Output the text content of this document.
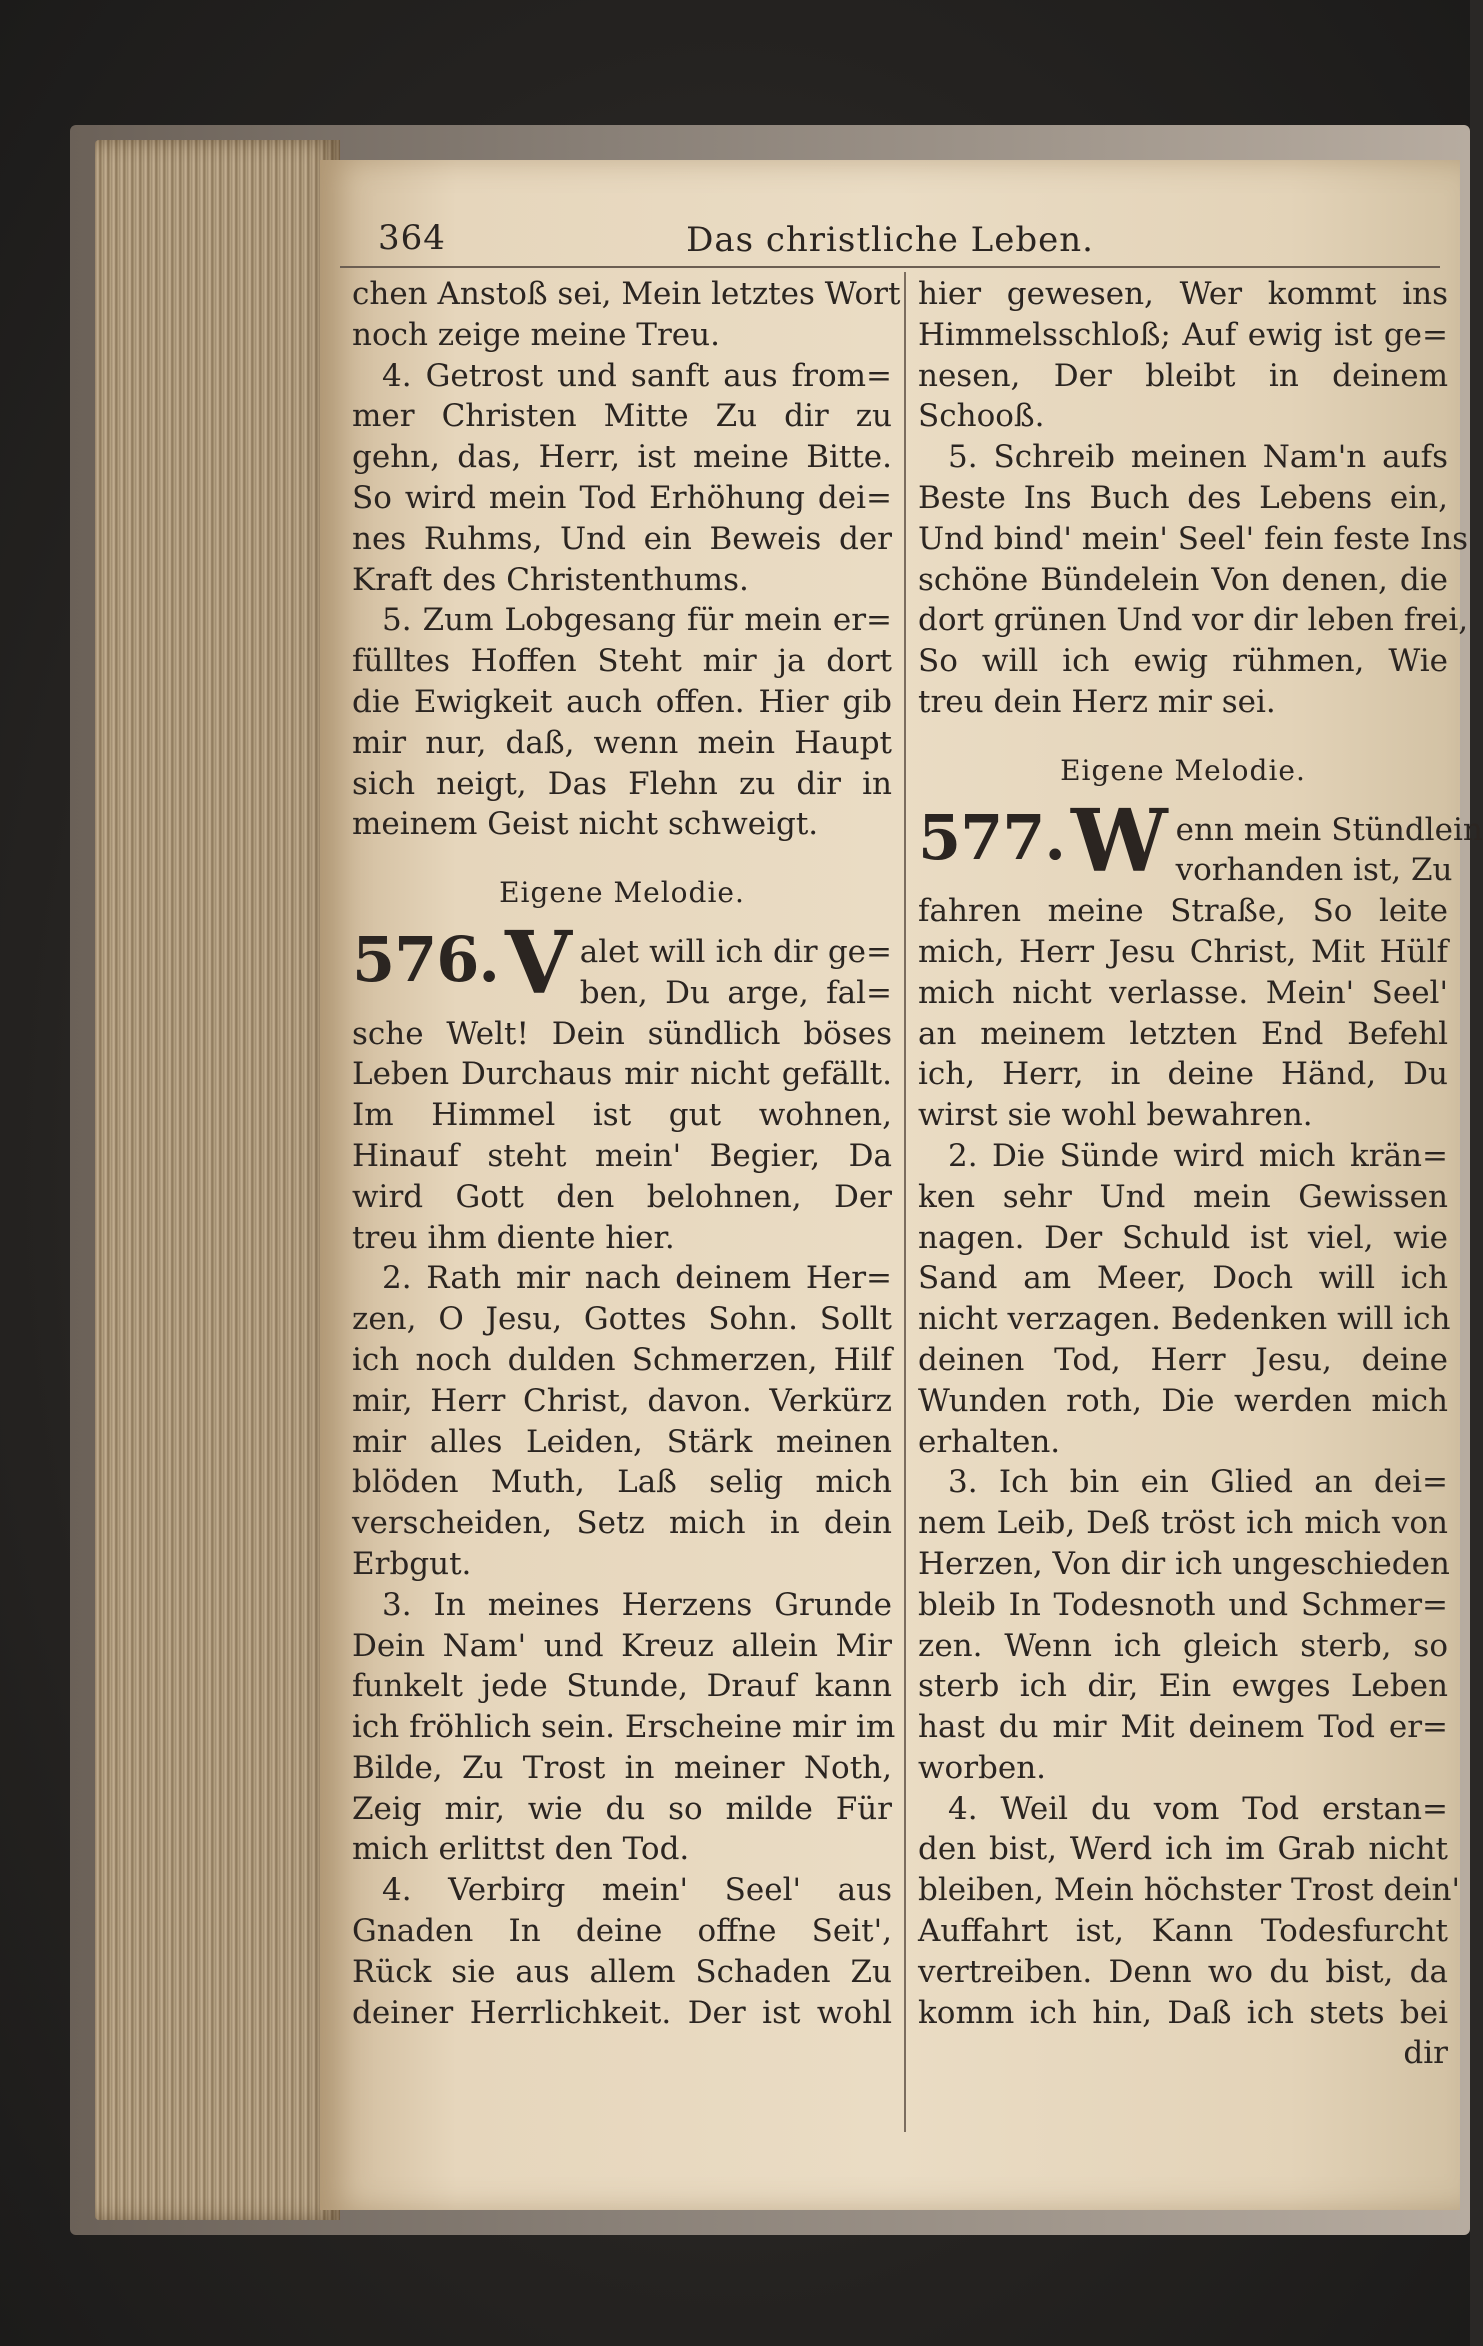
364	Das christliche Leben.
chen Anstoß sei, Mein letztes Wort
noch zeige meine Treu.
4. Getrost und sanft aus from=
mer Christen Mitte Zu dir zu
gehn, das, Herr, ist meine Bitte.
So wird mein Tod Erhöhung dei=
nes Ruhms, Und ein Beweis der
Kraft des Christenthums.
5. Zum Lobgesang für mein er=
fülltes Hoffen Steht mir ja dort
die Ewigkeit auch offen. Hier gib
mir nur, daß, wenn mein Haupt
sich neigt, Das Flehn zu dir in
meinem Geist nicht schweigt.
Eigene Melodie.
576. V alet will ich dir ge=
ben, Du arge, fal=
sche Welt! Dein sündlich böses
Leben Durchaus mir nicht gefällt.
Im Himmel ist gut wohnen,
Hinauf steht mein' Begier, Da
wird Gott den belohnen, Der
treu ihm diente hier.
2. Rath mir nach deinem Her=
zen, O Jesu, Gottes Sohn. Sollt
ich noch dulden Schmerzen, Hilf
mir, Herr Christ, davon. Verkürz
mir alles Leiden, Stärk meinen
blöden Muth, Laß selig mich
verscheiden, Setz mich in dein
Erbgut.
3. In meines Herzens Grunde
Dein Nam' und Kreuz allein Mir
funkelt jede Stunde, Drauf kann
ich fröhlich sein. Erscheine mir im
Bilde, Zu Trost in meiner Noth,
Zeig mir, wie du so milde Für
mich erlittst den Tod.
4. Verbirg mein' Seel' aus
Gnaden In deine offne Seit',
Rück sie aus allem Schaden Zu
deiner Herrlichkeit. Der ist wohl
hier gewesen, Wer kommt ins
Himmelsschloß; Auf ewig ist ge=
nesen, Der bleibt in deinem
Schooß.
5. Schreib meinen Nam'n aufs
Beste Ins Buch des Lebens ein,
Und bind' mein' Seel' fein feste Ins
schöne Bündelein Von denen, die
dort grünen Und vor dir leben frei,
So will ich ewig rühmen, Wie
treu dein Herz mir sei.
Eigene Melodie.
577. W enn mein Stündlein
vorhanden ist, Zu
fahren meine Straße, So leite
mich, Herr Jesu Christ, Mit Hülf
mich nicht verlasse. Mein' Seel'
an meinem letzten End Befehl
ich, Herr, in deine Händ, Du
wirst sie wohl bewahren.
2. Die Sünde wird mich krän=
ken sehr Und mein Gewissen
nagen. Der Schuld ist viel, wie
Sand am Meer, Doch will ich
nicht verzagen. Bedenken will ich
deinen Tod, Herr Jesu, deine
Wunden roth, Die werden mich
erhalten.
3. Ich bin ein Glied an dei=
nem Leib, Deß tröst ich mich von
Herzen, Von dir ich ungeschieden
bleib In Todesnoth und Schmer=
zen. Wenn ich gleich sterb, so
sterb ich dir, Ein ewges Leben
hast du mir Mit deinem Tod er=
worben.
4. Weil du vom Tod erstan=
den bist, Werd ich im Grab nicht
bleiben, Mein höchster Trost dein'
Auffahrt ist, Kann Todesfurcht
vertreiben. Denn wo du bist, da
komm ich hin, Daß ich stets bei
dir
